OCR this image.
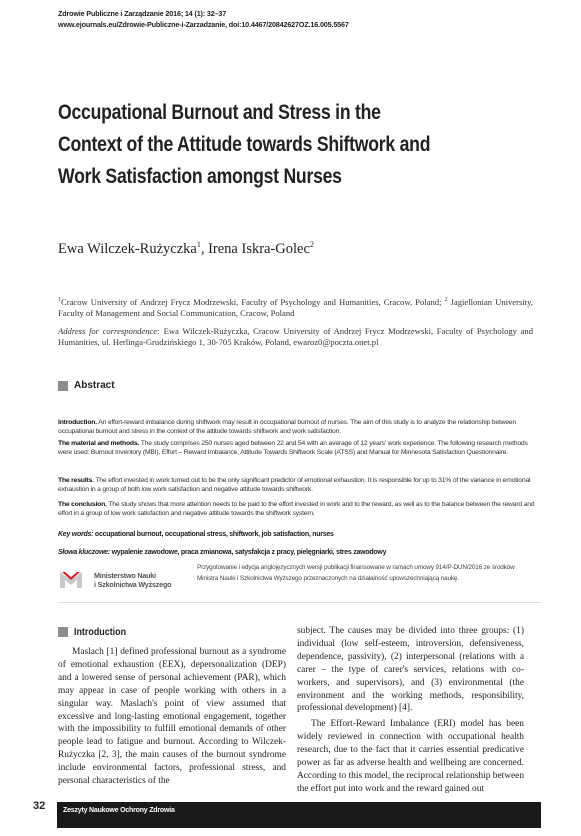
Zdrowie Publiczne i Zarządzanie 2016; 14 (1): 32–37
www.ejournals.eu/Zdrowie-Publiczne-i-Zarzadzanie, doi:10.4467/20842627OZ.16.005.5567
Occupational Burnout and Stress in the Context of the Attitude towards Shiftwork and Work Satisfaction amongst Nurses
Ewa Wilczek-Rużyczka$^1$, Irena Iskra-Golec$^2$
$^1$Cracow University of Andrzej Frycz Modrzewski, Faculty of Psychology and Humanities, Cracow, Poland; $^2$ Jagiellonian University, Faculty of Management and Social Communication, Cracow, Poland
Address for correspondence: Ewa Wilczek-Rużyczka, Cracow University of Andrzej Frycz Modrzewski, Faculty of Psychology and Humanities, ul. Herlinga-Grudzińskiego 1, 30-705 Kraków, Poland, ewaroz0@poczta.onet.pl
Abstract

Introduction. An effort-reward imbalance during shiftwork may result in occupational burnout of nurses. The aim of this study is to analyze the relationship between occupational burnout and stress in the context of the attitude towards shiftwork and work satisfaction.

The material and methods. The study comprises 250 nurses aged between 22 and 54 with an average of 12 years' work experience. The following research methods were used: Burnout Inventory (MBI), Effort – Reward Imbalance, Attitude Towards Shiftwork Scale (ATSS) and Manual for Minnesota Satisfaction Questionnaire.

The results. The effort invested in work turned out to be the only significant predictor of emotional exhaustion. It is responsible for up to 31% of the variance in emotional exhaustion in a group of both low work satisfaction and negative attitude towards shiftwork.

The conclusion. The study shows that more attention needs to be paid to the effort invested in work and to the reward, as well as to the balance between the reward and effort in a group of low work satisfaction and negative attitude towards the shiftwork system.

Key words: occupational burnout, occupational stress, shiftwork, job satisfaction, nurses
Słowa kluczowe: wypalenie zawodowe, praca zmianowa, satysfakcja z pracy, pielęgniarki, stres zawodowy
Ministerstwo Nauki
i Szkolnictwa Wyższego

Przygotowanie i edycja anglojęzycznych wersji publikacji finansowane w ramach umowy 914/P-DUN/2016 ze środków Ministra Nauki i Szkolnictwa Wyższego przeznaczonych na działalność upowszechniającą naukę.

Introduction

Maslach [1] defined professional burnout as a syndrome of emotional exhaustion (EEX), depersonalization (DEP) and a lowered sense of personal achievement (PAR), which may appear in case of people working with others in a singular way. Maslach's point of view assumed that excessive and long-lasting emotional engagement, together with the impossibility to fulfill emotional demands of other people lead to fatigue and burnout. According to Wilczek-Rużyczka [2, 3], the main causes of the burnout syndrome include environmental factors, professional stress, and personal characteristics of the

subject. The causes may be divided into three groups: (1) individual (low self-esteem, introversion, defensiveness, dependence, passivity), (2) interpersonal (relations with a carer – the type of carer's services, relations with co-workers, and supervisors), and (3) environmental (the environment and the working methods, responsibility, professional development) [4].

The Effort-Reward Imbalance (ERI) model has been widely reviewed in connection with occupational health research, due to the fact that it carries essential predicative power as far as adverse health and wellbeing are concerned. According to this model, the reciprocal relationship between the effort put into work and the reward gained out

32	Zeszyty Naukowe Ochrony Zdrowia
